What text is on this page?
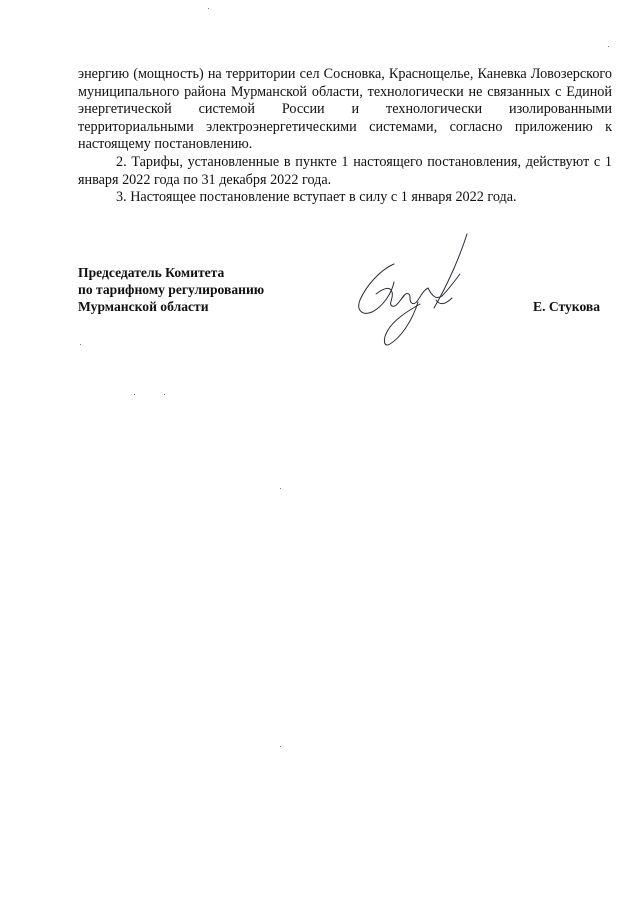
энергию (мощность) на территории сел Сосновка, Краснощелье, Каневка Ловозерского муниципального района Мурманской области, технологически не связанных с Единой энергетической системой России и технологически изолированными территориальными электроэнергетическими системами, согласно приложению к настоящему постановлению.

2. Тарифы, установленные в пункте 1 настоящего постановления, действуют с 1 января 2022 года по 31 декабря 2022 года.

3. Настоящее постановление вступает в силу с 1 января 2022 года.

Председатель Комитета
по тарифному регулированию
Мурманской области	Е. Стукова
